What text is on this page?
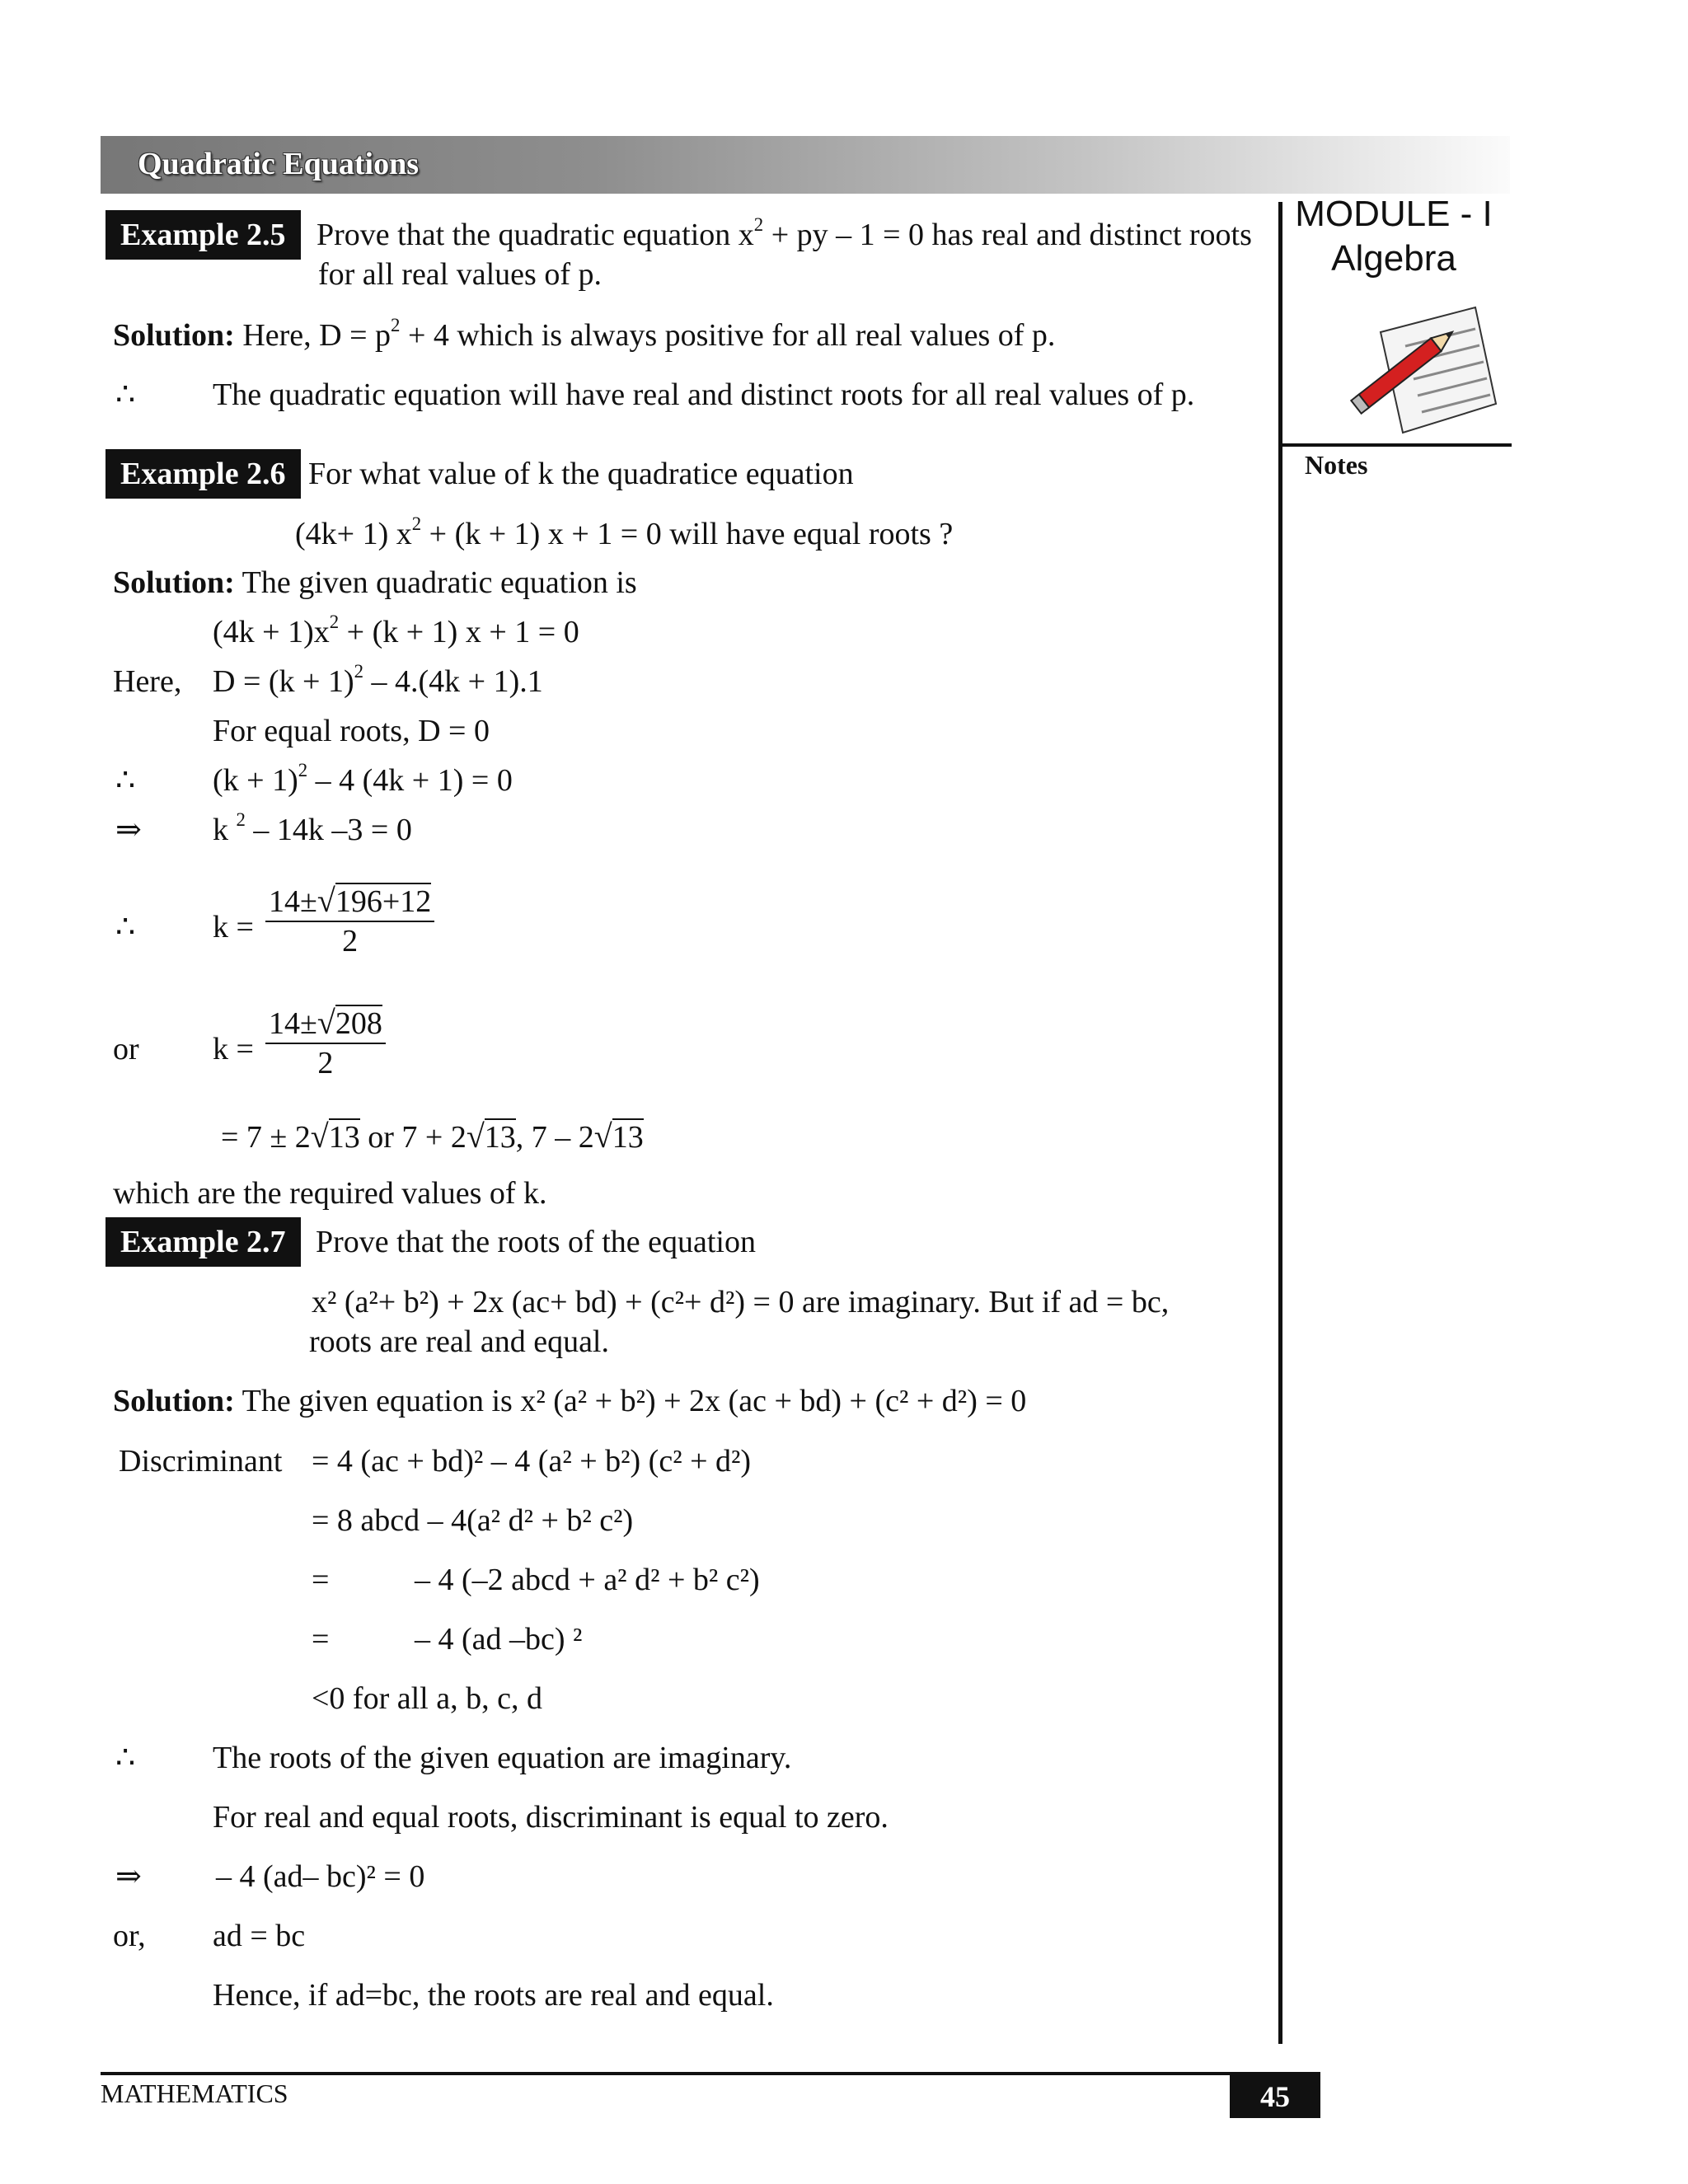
Quadratic Equations
MODULE - I
Algebra
Notes
Example 2.5 Prove that the quadratic equation $x^2$ + py – 1 = 0 has real and distinct roots
for all real values of p.
Solution: Here, $D = p^2 + 4$ which is always positive for all real values of p.
∴ The quadratic equation will have real and distinct roots for all real values of p.
Example 2.6 For what value of k the quadratice equation
(4k+ 1) $x^2 + (k + 1) x + 1 = 0$ will have equal roots ?
Solution: The given quadratic equation is
$(4k + 1)x^2 + (k + 1)$ x + 1 = 0
Here, $D = (k + 1)^2 - 4.(4k + 1).1$
For equal roots, D = 0
∴ $(k + 1)^2 - 4$ (4k + 1) = 0
⇒ k $^2$ – 14k –3 = 0
∴ k =
14±√196+12
2
or k =
14±√208
2
= 7 ± 2√13 or 7 + 2√13, 7 – 2√13
which are the required values of k.
Example 2.7 Prove that the roots of the equation
x² (a²+ b²) + 2x (ac+ bd) + (c²+ d²) = 0 are imaginary. But if ad = bc,
roots are real and equal.
Solution: The given equation is x² (a² + b²) + 2x (ac + bd) + (c² + d²) = 0
Discriminant = 4 (ac + bd)² – 4 (a² + b²) (c² + d²)
= 8 abcd – 4(a² d² + b² c²)
=	– 4 (–2 abcd + a² d² + b² c²)
=	– 4 (ad –bc) ²
<0 for all a, b, c, d
∴ The roots of the given equation are imaginary.
For real and equal roots, discriminant is equal to zero.
⇒ – 4 (ad– bc)² = 0
or, ad = bc
Hence, if ad=bc, the roots are real and equal.
MATHEMATICS	45
